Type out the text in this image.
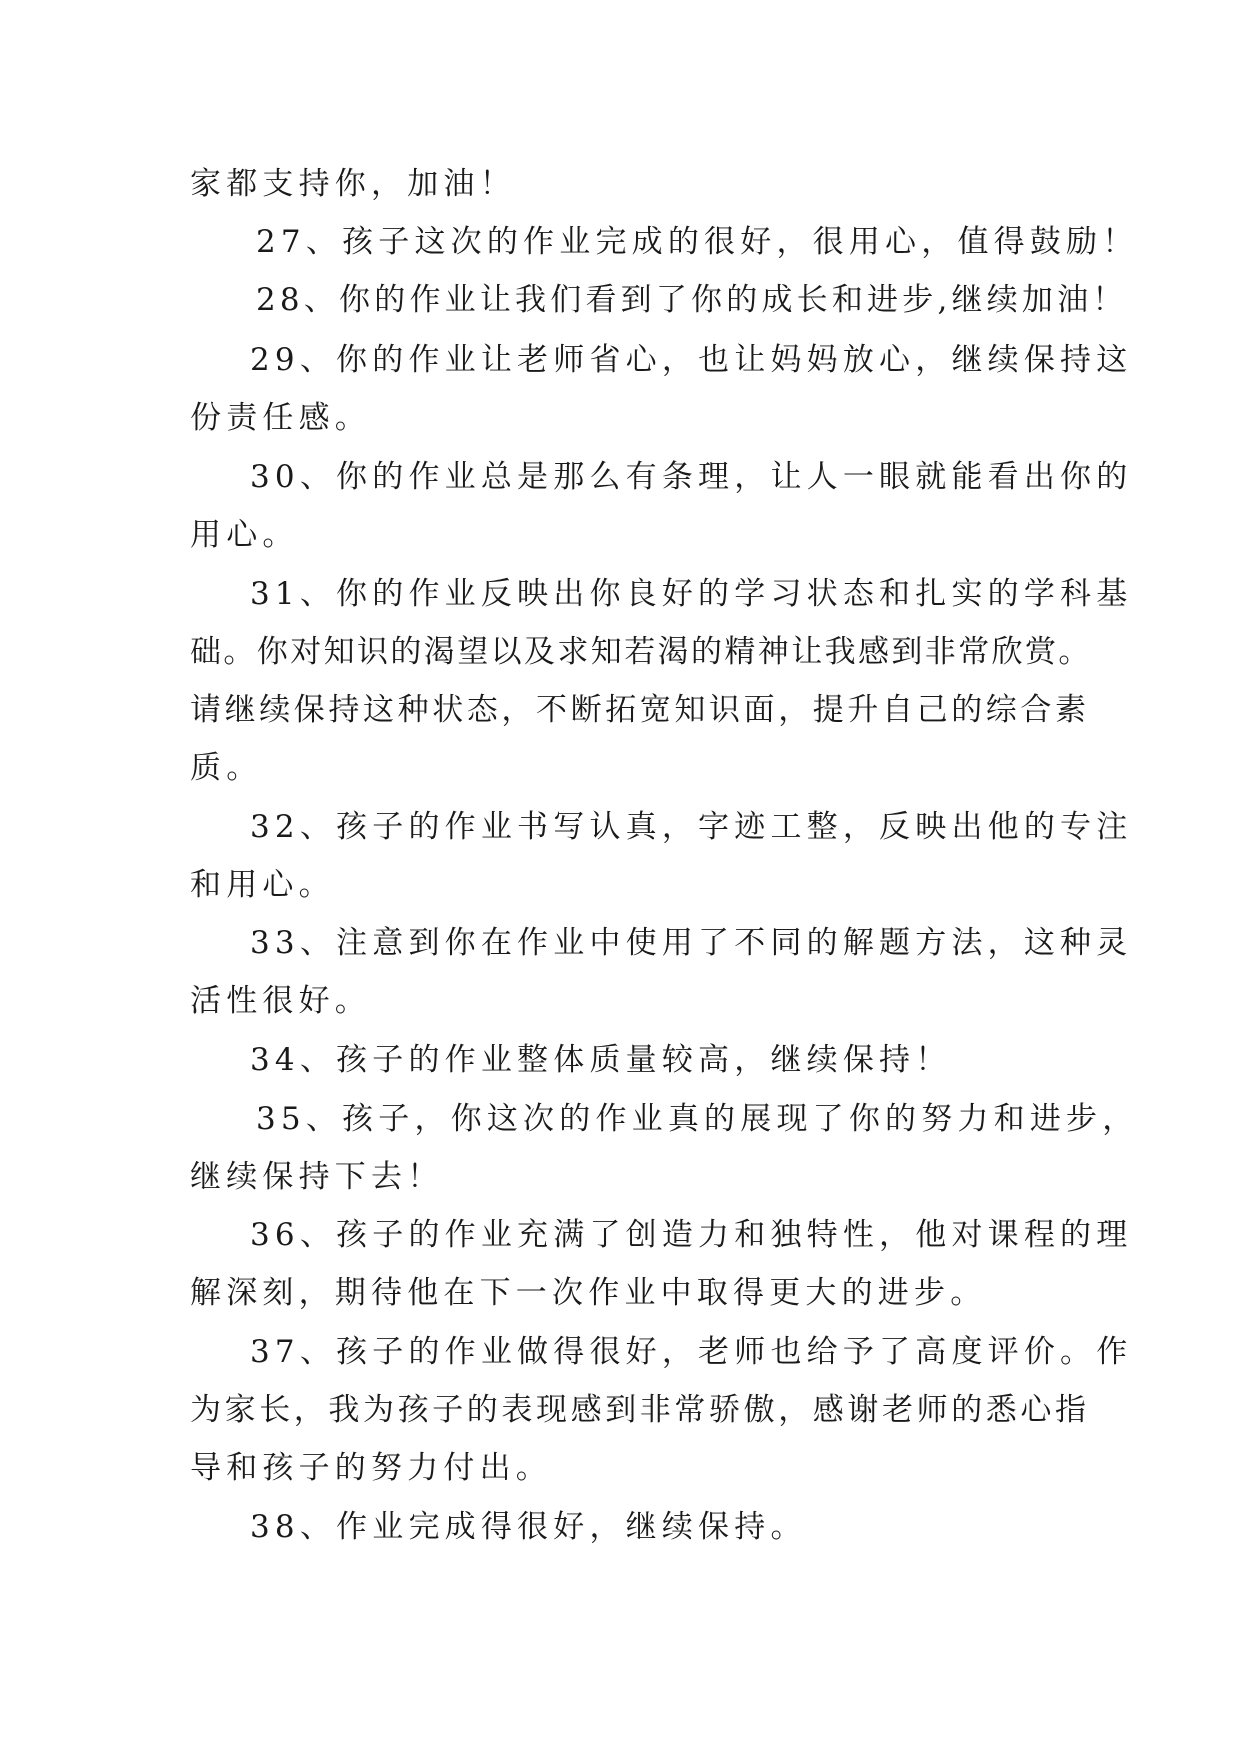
家都支持你，加油！
27、孩子这次的作业完成的很好，很用心，值得鼓励！
28、你的作业让我们看到了你的成长和进步,继续加油！
29、你的作业让老师省心，也让妈妈放心，继续保持这
份责任感。
30、你的作业总是那么有条理，让人一眼就能看出你的
用心。
31、你的作业反映出你良好的学习状态和扎实的学科基
础。你对知识的渴望以及求知若渴的精神让我感到非常欣赏。
请继续保持这种状态，不断拓宽知识面，提升自己的综合素
质。
32、孩子的作业书写认真，字迹工整，反映出他的专注
和用心。
33、注意到你在作业中使用了不同的解题方法，这种灵
活性很好。
34、孩子的作业整体质量较高，继续保持！
35、孩子，你这次的作业真的展现了你的努力和进步，
继续保持下去！
36、孩子的作业充满了创造力和独特性，他对课程的理
解深刻，期待他在下一次作业中取得更大的进步。
37、孩子的作业做得很好，老师也给予了高度评价。作
为家长，我为孩子的表现感到非常骄傲，感谢老师的悉心指
导和孩子的努力付出。
38、作业完成得很好，继续保持。
